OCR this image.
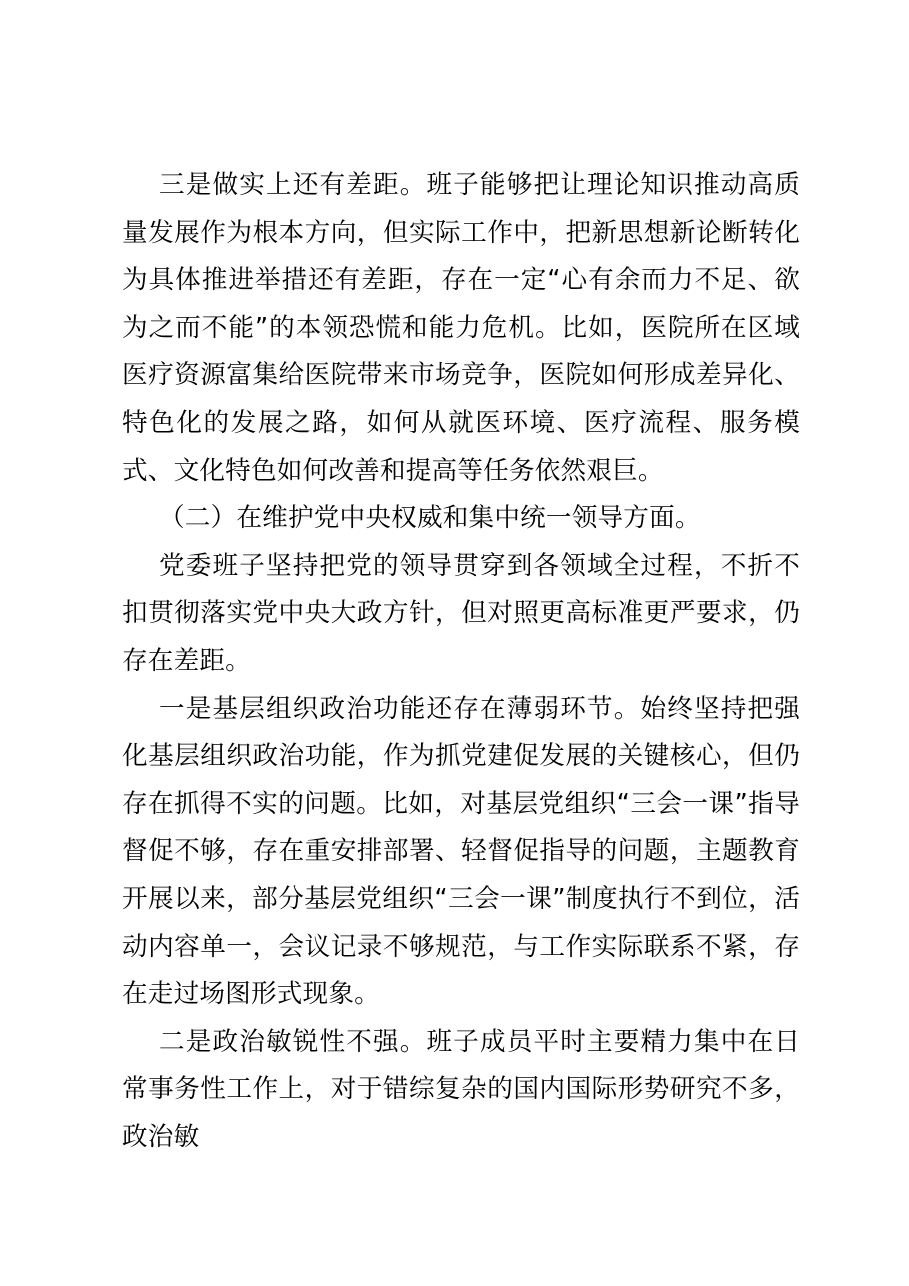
三是做实上还有差距。班子能够把让理论知识推动高质量发展作为根本方向，但实际工作中，把新思想新论断转化为具体推进举措还有差距，存在一定“心有余而力不足、欲为之而不能”的本领恐慌和能力危机。比如，医院所在区域医疗资源富集给医院带来市场竞争，医院如何形成差异化、特色化的发展之路，如何从就医环境、医疗流程、服务模式、文化特色如何改善和提高等任务依然艰巨。

（二）在维护党中央权威和集中统一领导方面。

党委班子坚持把党的领导贯穿到各领域全过程，不折不扣贯彻落实党中央大政方针，但对照更高标准更严要求，仍存在差距。

一是基层组织政治功能还存在薄弱环节。始终坚持把强化基层组织政治功能，作为抓党建促发展的关键核心，但仍存在抓得不实的问题。比如，对基层党组织“三会一课”指导督促不够，存在重安排部署、轻督促指导的问题，主题教育开展以来，部分基层党组织“三会一课”制度执行不到位，活动内容单一，会议记录不够规范，与工作实际联系不紧，存在走过场图形式现象。

二是政治敏锐性不强。班子成员平时主要精力集中在日常事务性工作上，对于错综复杂的国内国际形势研究不多，政治敏
